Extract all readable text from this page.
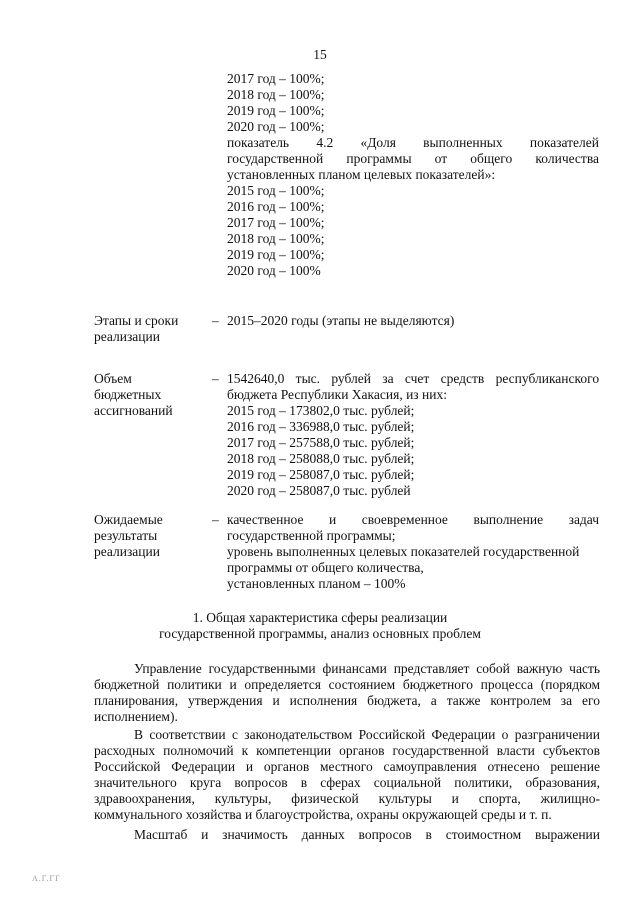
15
2017 год – 100%;
2018 год – 100%;
2019 год – 100%;
2020 год – 100%;
показатель 4.2 «Доля выполненных показателей
государственной программы от общего количества
установленных планом целевых показателей»:
2015 год – 100%;
2016 год – 100%;
2017 год – 100%;
2018 год – 100%;
2019 год – 100%;
2020 год – 100%
Этапы и сроки
реализации
– 2015–2020 годы (этапы не выделяются)
Объем
бюджетных
ассигнований
– 1542640,0 тыс. рублей за счет средств республиканского
бюджета Республики Хакасия, из них:
2015 год – 173802,0 тыс. рублей;
2016 год – 336988,0 тыс. рублей;
2017 год – 257588,0 тыс. рублей;
2018 год – 258088,0 тыс. рублей;
2019 год – 258087,0 тыс. рублей;
2020 год – 258087,0 тыс. рублей
Ожидаемые
результаты
реализации
– качественное и своевременное выполнение задач
государственной программы;
уровень выполненных целевых показателей государственной
программы от общего количества,
установленных планом – 100%
1. Общая характеристика сферы реализации
государственной программы, анализ основных проблем
Управление государственными финансами представляет собой важную часть
бюджетной политики и определяется состоянием бюджетного процесса (порядком
планирования, утверждения и исполнения бюджета, а также контролем за его
исполнением).
В соответствии с законодательством Российской Федерации о разграничении
расходных полномочий к компетенции органов государственной власти субъектов
Российской Федерации и органов местного самоуправления отнесено решение
значительного круга вопросов в сферах социальной политики, образования,
здравоохранения, культуры, физической культуры и спорта, жилищно-
коммунального хозяйства и благоустройства, охраны окружающей среды и т. п.
Масштаб и значимость данных вопросов в стоимостном выражении
А.Г.ГГ
